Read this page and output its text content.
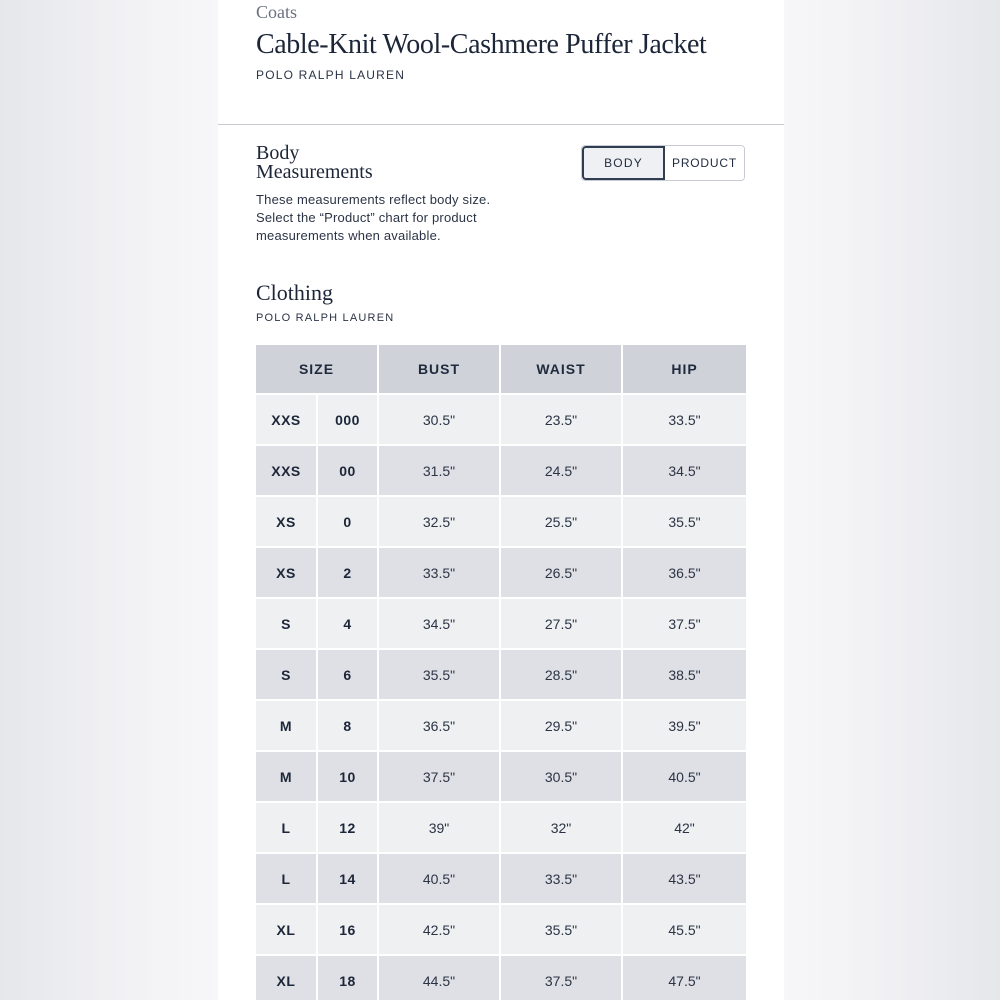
Coats
Cable-Knit Wool-Cashmere Puffer Jacket
POLO RALPH LAUREN
Body
Measurements
These measurements reflect body size.
Select the “Product” chart for product
measurements when available.
BODY	PRODUCT
Clothing
POLO RALPH LAUREN
SIZE		BUST	WAIST	HIP
XXS	000	30.5"	23.5"	33.5"
XXS	00	31.5"	24.5"	34.5"
XS	0	32.5"	25.5"	35.5"
XS	2	33.5"	26.5"	36.5"
S	4	34.5"	27.5"	37.5"
S	6	35.5"	28.5"	38.5"
M	8	36.5"	29.5"	39.5"
M	10	37.5"	30.5"	40.5"
L	12	39"	32"	42"
L	14	40.5"	33.5"	43.5"
XL	16	42.5"	35.5"	45.5"
XL	18	44.5"	37.5"	47.5"
